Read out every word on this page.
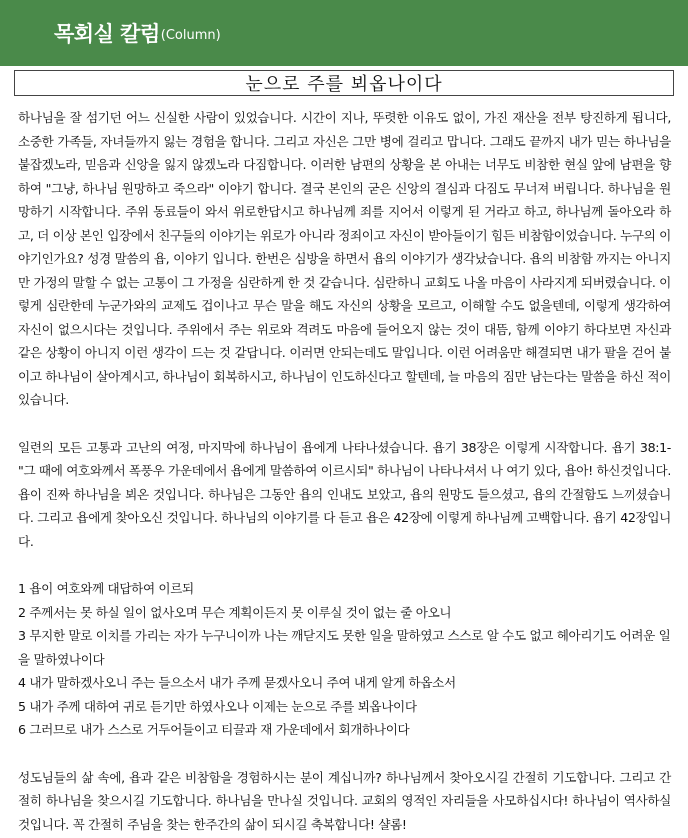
목회실 칼럼 (Column)
눈으로 주를 뵈옵나이다

하나님을 잘 섬기던 어느 신실한 사람이 있었습니다. 시간이 지나, 뚜렷한 이유도 없이, 가진 재산을 전부 탕진하게 됩니다, 소중한 가족들, 자녀들까지 잃는 경험을 합니다. 그리고 자신은 그만 병에 걸리고 맙니다. 그래도 끝까지 내가 믿는 하나님을 붙잡겠노라, 믿음과 신앙을 잃지 않겠노라 다짐합니다. 이러한 남편의 상황을 본 아내는 너무도 비참한 현실 앞에 남편을 향하여 "그냥, 하나님 원망하고 죽으라" 이야기 합니다. 결국 본인의 굳은 신앙의 결심과 다짐도 무너져 버립니다. 하나님을 원망하기 시작합니다. 주위 동료들이 와서 위로한답시고 하나님께 죄를 지어서 이렇게 된 거라고 하고, 하나님께 돌아오라 하고, 더 이상 본인 입장에서 친구들의 이야기는 위로가 아니라 정죄이고 자신이 받아들이기 힘든 비참함이었습니다. 누구의 이야기인가요? 성경 말씀의 욥, 이야기 입니다. 한번은 심방을 하면서 욥의 이야기가 생각났습니다. 욥의 비참함 까지는 아니지만 가정의 말할 수 없는 고통이 그 가정을 심란하게 한 것 같습니다. 심란하니 교회도 나올 마음이 사라지게 되버렸습니다. 이렇게 심란한데 누군가와의 교제도 겁이나고 무슨 말을 해도 자신의 상황을 모르고, 이해할 수도 없을텐데, 이렇게 생각하여 자신이 없으시다는 것입니다. 주위에서 주는 위로와 격려도 마음에 들어오지 않는 것이 대뜸, 함께 이야기 하다보면 자신과 같은 상황이 아니지 이런 생각이 드는 것 같답니다. 이러면 안되는데도 말입니다. 이런 어려움만 해결되면 내가 팔을 걷어 붙이고 하나님이 살아계시고, 하나님이 회복하시고, 하나님이 인도하신다고 할텐데, 늘 마음의 짐만 남는다는 말씀을 하신 적이 있습니다.

일련의 모든 고통과 고난의 여정, 마지막에 하나님이 욥에게 나타나셨습니다. 욥기 38장은 이렇게 시작합니다. 욥기 38:1-"그 때에 여호와께서 폭풍우 가운데에서 욥에게 말씀하여 이르시되" 하나님이 나타나셔서 나 여기 있다, 욥아! 하신것입니다. 욥이 진짜 하나님을 뵈온 것입니다. 하나님은 그동안 욥의 인내도 보았고, 욥의 원망도 들으셨고, 욥의 간절함도 느끼셨습니다. 그리고 욥에게 찾아오신 것입니다. 하나님의 이야기를 다 듣고 욥은 42장에 이렇게 하나님께 고백합니다. 욥기 42장입니다.

1 욥이 여호와께 대답하여 이르되

2 주께서는 못 하실 일이 없사오며 무슨 계획이든지 못 이루실 것이 없는 줄 아오니

3 무지한 말로 이치를 가리는 자가 누구니이까 나는 깨닫지도 못한 일을 말하였고 스스로 알 수도 없고 헤아리기도 어려운 일을 말하였나이다

4 내가 말하겠사오니 주는 들으소서 내가 주께 묻겠사오니 주여 내게 알게 하옵소서

5 내가 주께 대하여 귀로 듣기만 하였사오나 이제는 눈으로 주를 뵈옵나이다

6 그러므로 내가 스스로 거두어들이고 티끌과 재 가운데에서 회개하나이다

성도님들의 삶 속에, 욥과 같은 비참함을 경험하시는 분이 계십니까? 하나님께서 찾아오시길 간절히 기도합니다. 그리고 간절히 하나님을 찾으시길 기도합니다. 하나님을 만나실 것입니다. 교회의 영적인 자리들을 사모하십시다! 하나님이 역사하실 것입니다. 꼭 간절히 주님을 찾는 한주간의 삶이 되시길 축복합니다! 샬롬!
